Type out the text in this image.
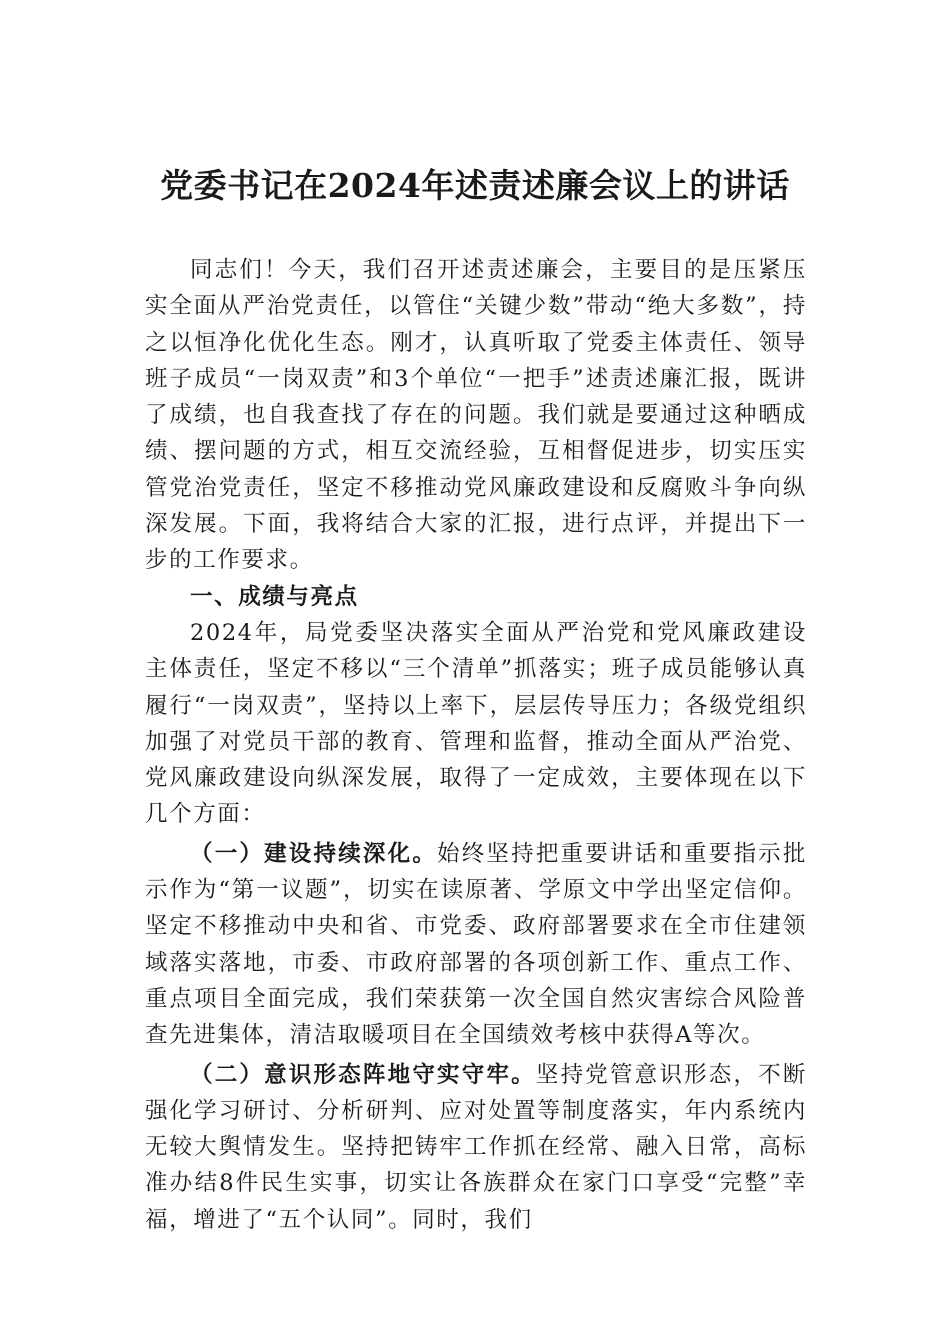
党委书记在2024年述责述廉会议上的讲话

同志们！今天，我们召开述责述廉会，主要目的是压紧压实全面从严治党责任，以管住“关键少数”带动“绝大多数”，持之以恒净化优化生态。刚才，认真听取了党委主体责任、领导班子成员“一岗双责”和3个单位“一把手”述责述廉汇报，既讲了成绩，也自我查找了存在的问题。我们就是要通过这种晒成绩、摆问题的方式，相互交流经验，互相督促进步，切实压实管党治党责任，坚定不移推动党风廉政建设和反腐败斗争向纵深发展。下面，我将结合大家的汇报，进行点评，并提出下一步的工作要求。

一、成绩与亮点

2024年，局党委坚决落实全面从严治党和党风廉政建设主体责任，坚定不移以“三个清单”抓落实；班子成员能够认真履行“一岗双责”，坚持以上率下，层层传导压力；各级党组织加强了对党员干部的教育、管理和监督，推动全面从严治党、党风廉政建设向纵深发展，取得了一定成效，主要体现在以下几个方面：

（一）建设持续深化。始终坚持把重要讲话和重要指示批示作为“第一议题”，切实在读原著、学原文中学出坚定信仰。坚定不移推动中央和省、市党委、政府部署要求在全市住建领域落实落地，市委、市政府部署的各项创新工作、重点工作、重点项目全面完成，我们荣获第一次全国自然灾害综合风险普查先进集体，清洁取暖项目在全国绩效考核中获得A等次。

（二）意识形态阵地守实守牢。坚持党管意识形态，不断强化学习研讨、分析研判、应对处置等制度落实，年内系统内无较大舆情发生。坚持把铸牢工作抓在经常、融入日常，高标准办结8件民生实事，切实让各族群众在家门口享受“完整”幸福，增进了“五个认同”。同时，我们
